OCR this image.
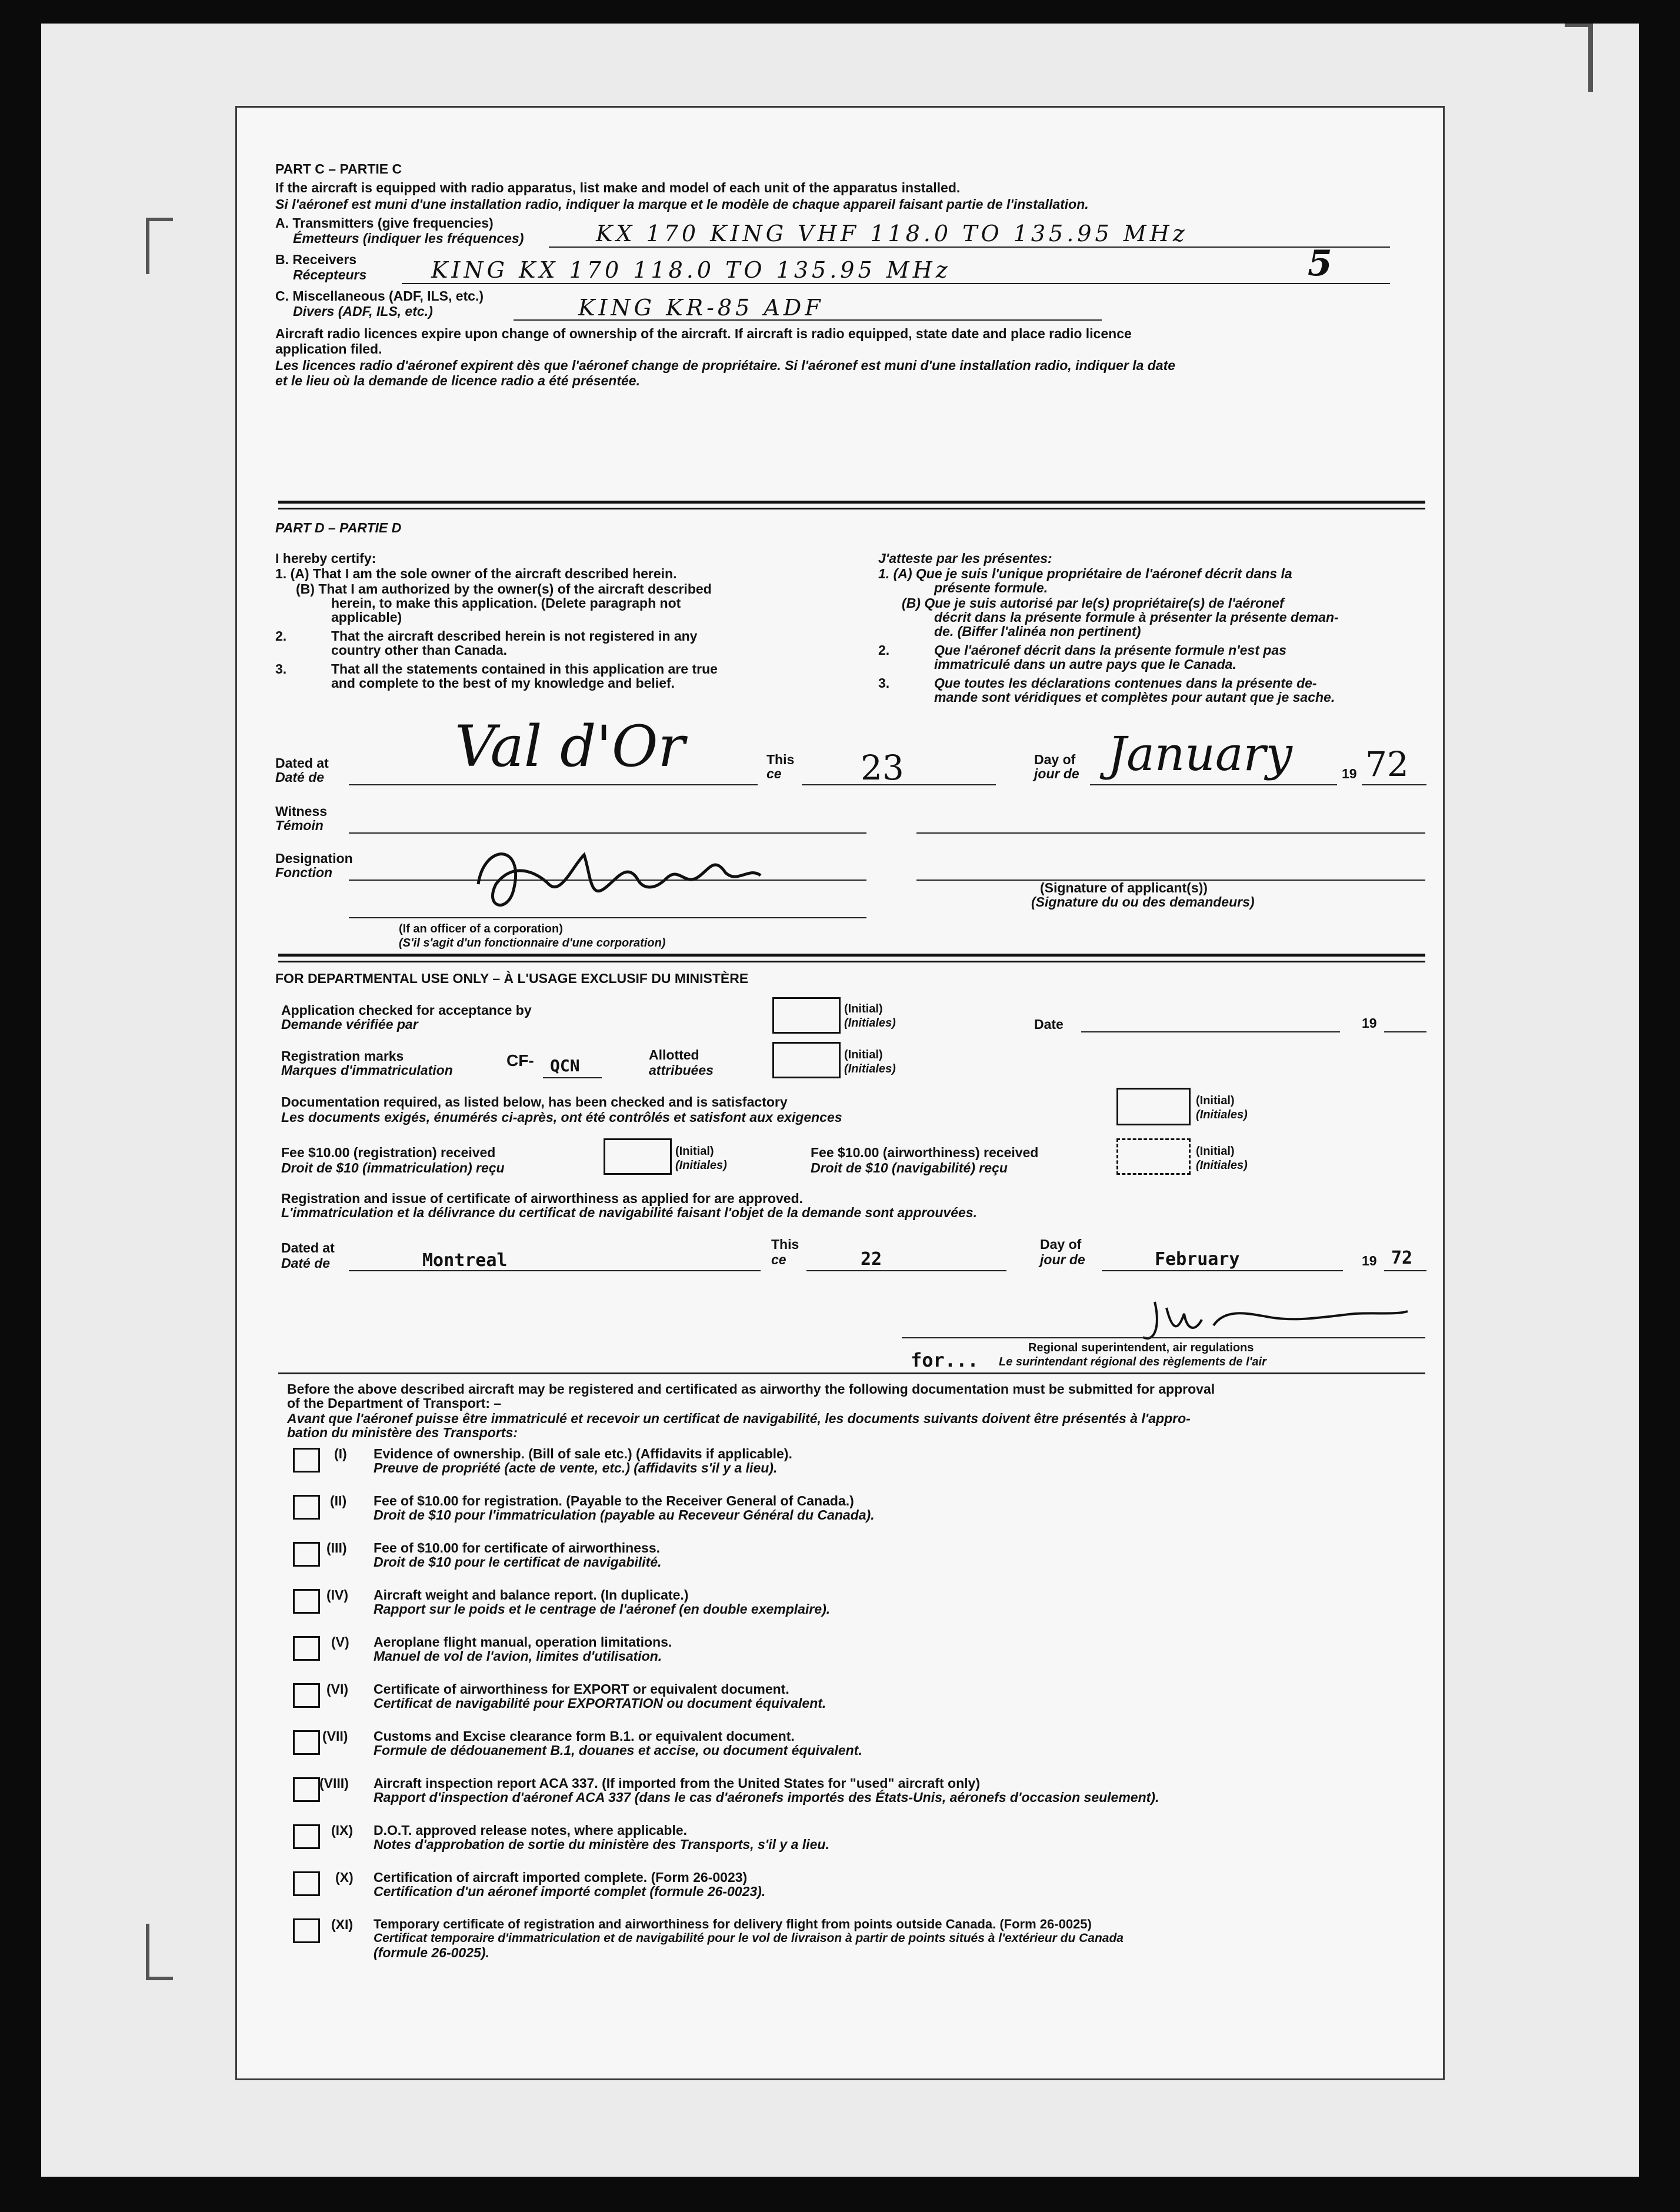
PART C – PARTIE C
If the aircraft is equipped with radio apparatus, list make and model of each unit of the apparatus installed.
Si l'aéronef est muni d'une installation radio, indiquer la marque et le modèle de chaque appareil faisant partie de l'installation.
A. Transmitters (give frequencies)
Émetteurs (indiquer les fréquences)	KX 170 KING VHF 118.0 TO 135.95 MHz
B. Receivers
Récepteurs	KING KX 170 118.0 TO 135.95 MHz	5
C. Miscellaneous (ADF, ILS, etc.)
Divers (ADF, ILS, etc.)	KING KR-85 ADF
Aircraft radio licences expire upon change of ownership of the aircraft. If aircraft is radio equipped, state date and place radio licence
application filed.
Les licences radio d'aéronef expirent dès que l'aéronef change de propriétaire. Si l'aéronef est muni d'une installation radio, indiquer la date
et le lieu où la demande de licence radio a été présentée.
PART D – PARTIE D
I hereby certify:
1. (A) That I am the sole owner of the aircraft described herein.
(B) That I am authorized by the owner(s) of the aircraft described
herein, to make this application. (Delete paragraph not
applicable)
2.	That the aircraft described herein is not registered in any
country other than Canada.
3.	That all the statements contained in this application are true
and complete to the best of my knowledge and belief.
J'atteste par les présentes:
1. (A) Que je suis l'unique propriétaire de l'aéronef décrit dans la
présente formule.
(B) Que je suis autorisé par le(s) propriétaire(s) de l'aéronef
décrit dans la présente formule à présenter la présente deman-
de. (Biffer l'alinéa non pertinent)
2.	Que l'aéronef décrit dans la présente formule n'est pas
immatriculé dans un autre pays que le Canada.
3.	Que toutes les déclarations contenues dans la présente de-
mande sont véridiques et complètes pour autant que je sache.
Dated at
Daté de Val d'Or	This
ce 23	Day of
jour de January	19 72
Witness
Témoin
Designation
Fonction
(Signature of applicant(s))
(Signature du ou des demandeurs)
(If an officer of a corporation)
(S'il s'agit d'un fonctionnaire d'une corporation)
FOR DEPARTMENTAL USE ONLY – À L'USAGE EXCLUSIF DU MINISTÈRE
Application checked for acceptance by
Demande vérifiée par
(Initial)
(Initiales)	Date	19
Registration marks
Marques d'immatriculation
CF- QCN
Allotted
attribuées
(Initial)
(Initiales)
Documentation required, as listed below, has been checked and is satisfactory
Les documents exigés, énumérés ci-après, ont été contrôlés et satisfont aux exigences
(Initial)
(Initiales)
Fee $10.00 (registration) received
Droit de $10 (immatriculation) reçu
(Initial)
(Initiales)
Fee $10.00 (airworthiness) received
Droit de $10 (navigabilité) reçu
(Initial)
(Initiales)
Registration and issue of certificate of airworthiness as applied for are approved.
L'immatriculation et la délivrance du certificat de navigabilité faisant l'objet de la demande sont approuvées.
Dated at
Daté de	Montreal
This
ce	22
Day of
jour de	February	19 72
Regional superintendent, air regulations
for... Le surintendant régional des règlements de l'air
Before the above described aircraft may be registered and certificated as airworthy the following documentation must be submitted for approval
of the Department of Transport: –
Avant que l'aéronef puisse être immatriculé et recevoir un certificat de navigabilité, les documents suivants doivent être présentés à l'appro-
bation du ministère des Transports:
(I) Evidence of ownership. (Bill of sale etc.) (Affidavits if applicable).
Preuve de propriété (acte de vente, etc.) (affidavits s'il y a lieu).
(II) Fee of $10.00 for registration. (Payable to the Receiver General of Canada.)
Droit de $10 pour l'immatriculation (payable au Receveur Général du Canada).
(III) Fee of $10.00 for certificate of airworthiness.
Droit de $10 pour le certificat de navigabilité.
(IV) Aircraft weight and balance report. (In duplicate.)
Rapport sur le poids et le centrage de l'aéronef (en double exemplaire).
(V) Aeroplane flight manual, operation limitations.
Manuel de vol de l'avion, limites d'utilisation.
(VI) Certificate of airworthiness for EXPORT or equivalent document.
Certificat de navigabilité pour EXPORTATION ou document équivalent.
(VII) Customs and Excise clearance form B.1. or equivalent document.
Formule de dédouanement B.1, douanes et accise, ou document équivalent.
(VIII) Aircraft inspection report ACA 337. (If imported from the United States for "used" aircraft only)
Rapport d'inspection d'aéronef ACA 337 (dans le cas d'aéronefs importés des États-Unis, aéronefs d'occasion seulement).
(IX) D.O.T. approved release notes, where applicable.
Notes d'approbation de sortie du ministère des Transports, s'il y a lieu.
(X) Certification of aircraft imported complete. (Form 26-0023)
Certification d'un aéronef importé complet (formule 26-0023).
(XI) Temporary certificate of registration and airworthiness for delivery flight from points outside Canada. (Form 26-0025)
Certificat temporaire d'immatriculation et de navigabilité pour le vol de livraison à partir de points situés à l'extérieur du Canada
(formule 26-0025).
